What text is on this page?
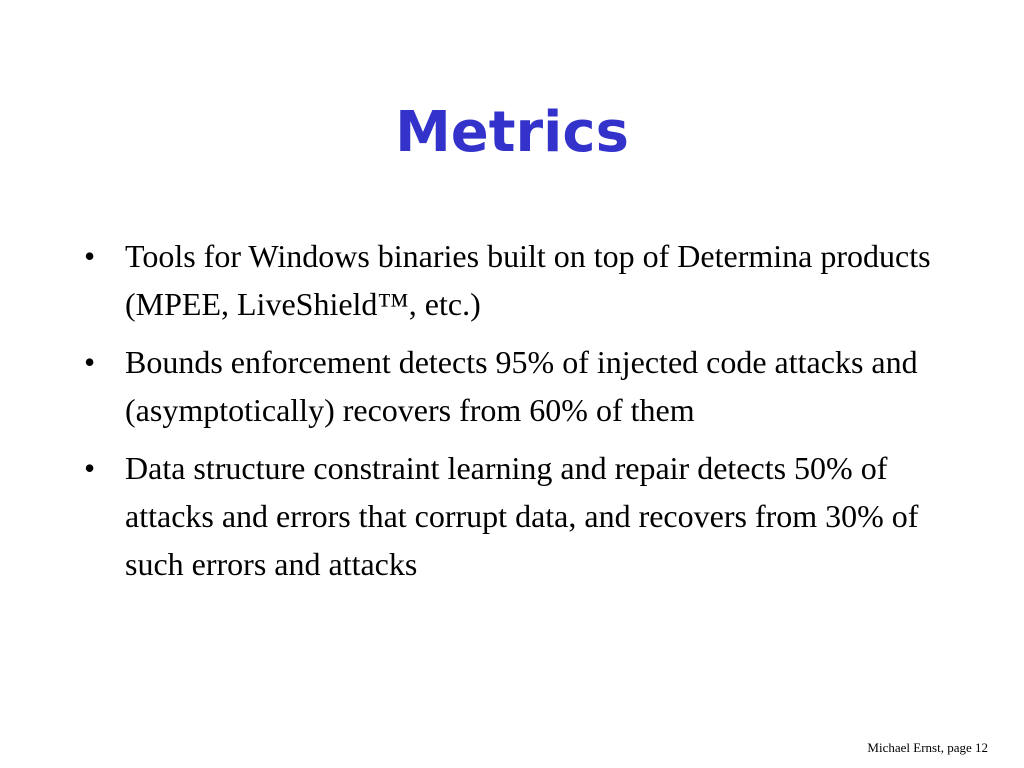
Metrics
• Tools for Windows binaries built on top of Determina products (MPEE, LiveShield™, etc.)
• Bounds enforcement detects 95% of injected code attacks and (asymptotically) recovers from 60% of them
• Data structure constraint learning and repair detects 50% of attacks and errors that corrupt data, and recovers from 30% of such errors and attacks
Michael Ernst, page 12
